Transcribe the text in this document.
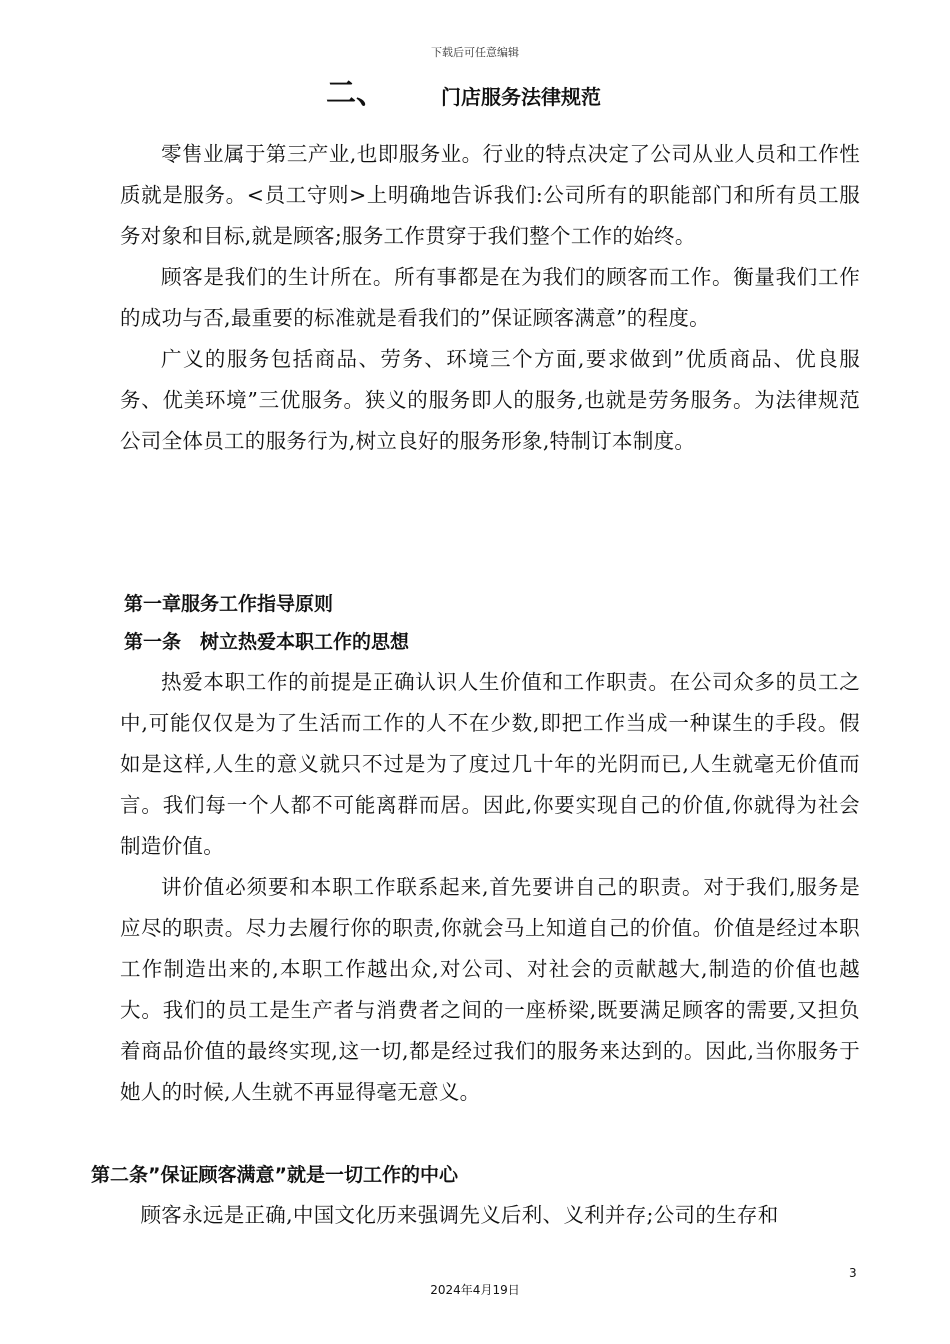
下载后可任意编辑
二、	门店服务法律规范

零售业属于第三产业,也即服务业。行业的特点决定了公司从业人员和工作性质就是服务。<员工守则>上明确地告诉我们:公司所有的职能部门和所有员工服务对象和目标,就是顾客;服务工作贯穿于我们整个工作的始终。

顾客是我们的生计所在。所有事都是在为我们的顾客而工作。衡量我们工作的成功与否,最重要的标准就是看我们的”保证顾客满意”的程度。

广义的服务包括商品、劳务、环境三个方面,要求做到”优质商品、优良服务、优美环境”三优服务。狭义的服务即人的服务,也就是劳务服务。为法律规范公司全体员工的服务行为,树立良好的服务形象,特制订本制度。

第一章服务工作指导原则
第一条　树立热爱本职工作的思想

热爱本职工作的前提是正确认识人生价值和工作职责。在公司众多的员工之中,可能仅仅是为了生活而工作的人不在少数,即把工作当成一种谋生的手段。假如是这样,人生的意义就只不过是为了度过几十年的光阴而已,人生就毫无价值而言。我们每一个人都不可能离群而居。因此,你要实现自己的价值,你就得为社会制造价值。

讲价值必须要和本职工作联系起来,首先要讲自己的职责。对于我们,服务是应尽的职责。尽力去履行你的职责,你就会马上知道自己的价值。价值是经过本职工作制造出来的,本职工作越出众,对公司、对社会的贡献越大,制造的价值也越大。我们的员工是生产者与消费者之间的一座桥梁,既要满足顾客的需要,又担负着商品价值的最终实现,这一切,都是经过我们的服务来达到的。因此,当你服务于她人的时候,人生就不再显得毫无意义。

第二条”保证顾客满意”就是一切工作的中心

顾客永远是正确,中国文化历来强调先义后利、义利并存;公司的生存和

3
2024年4月19日
